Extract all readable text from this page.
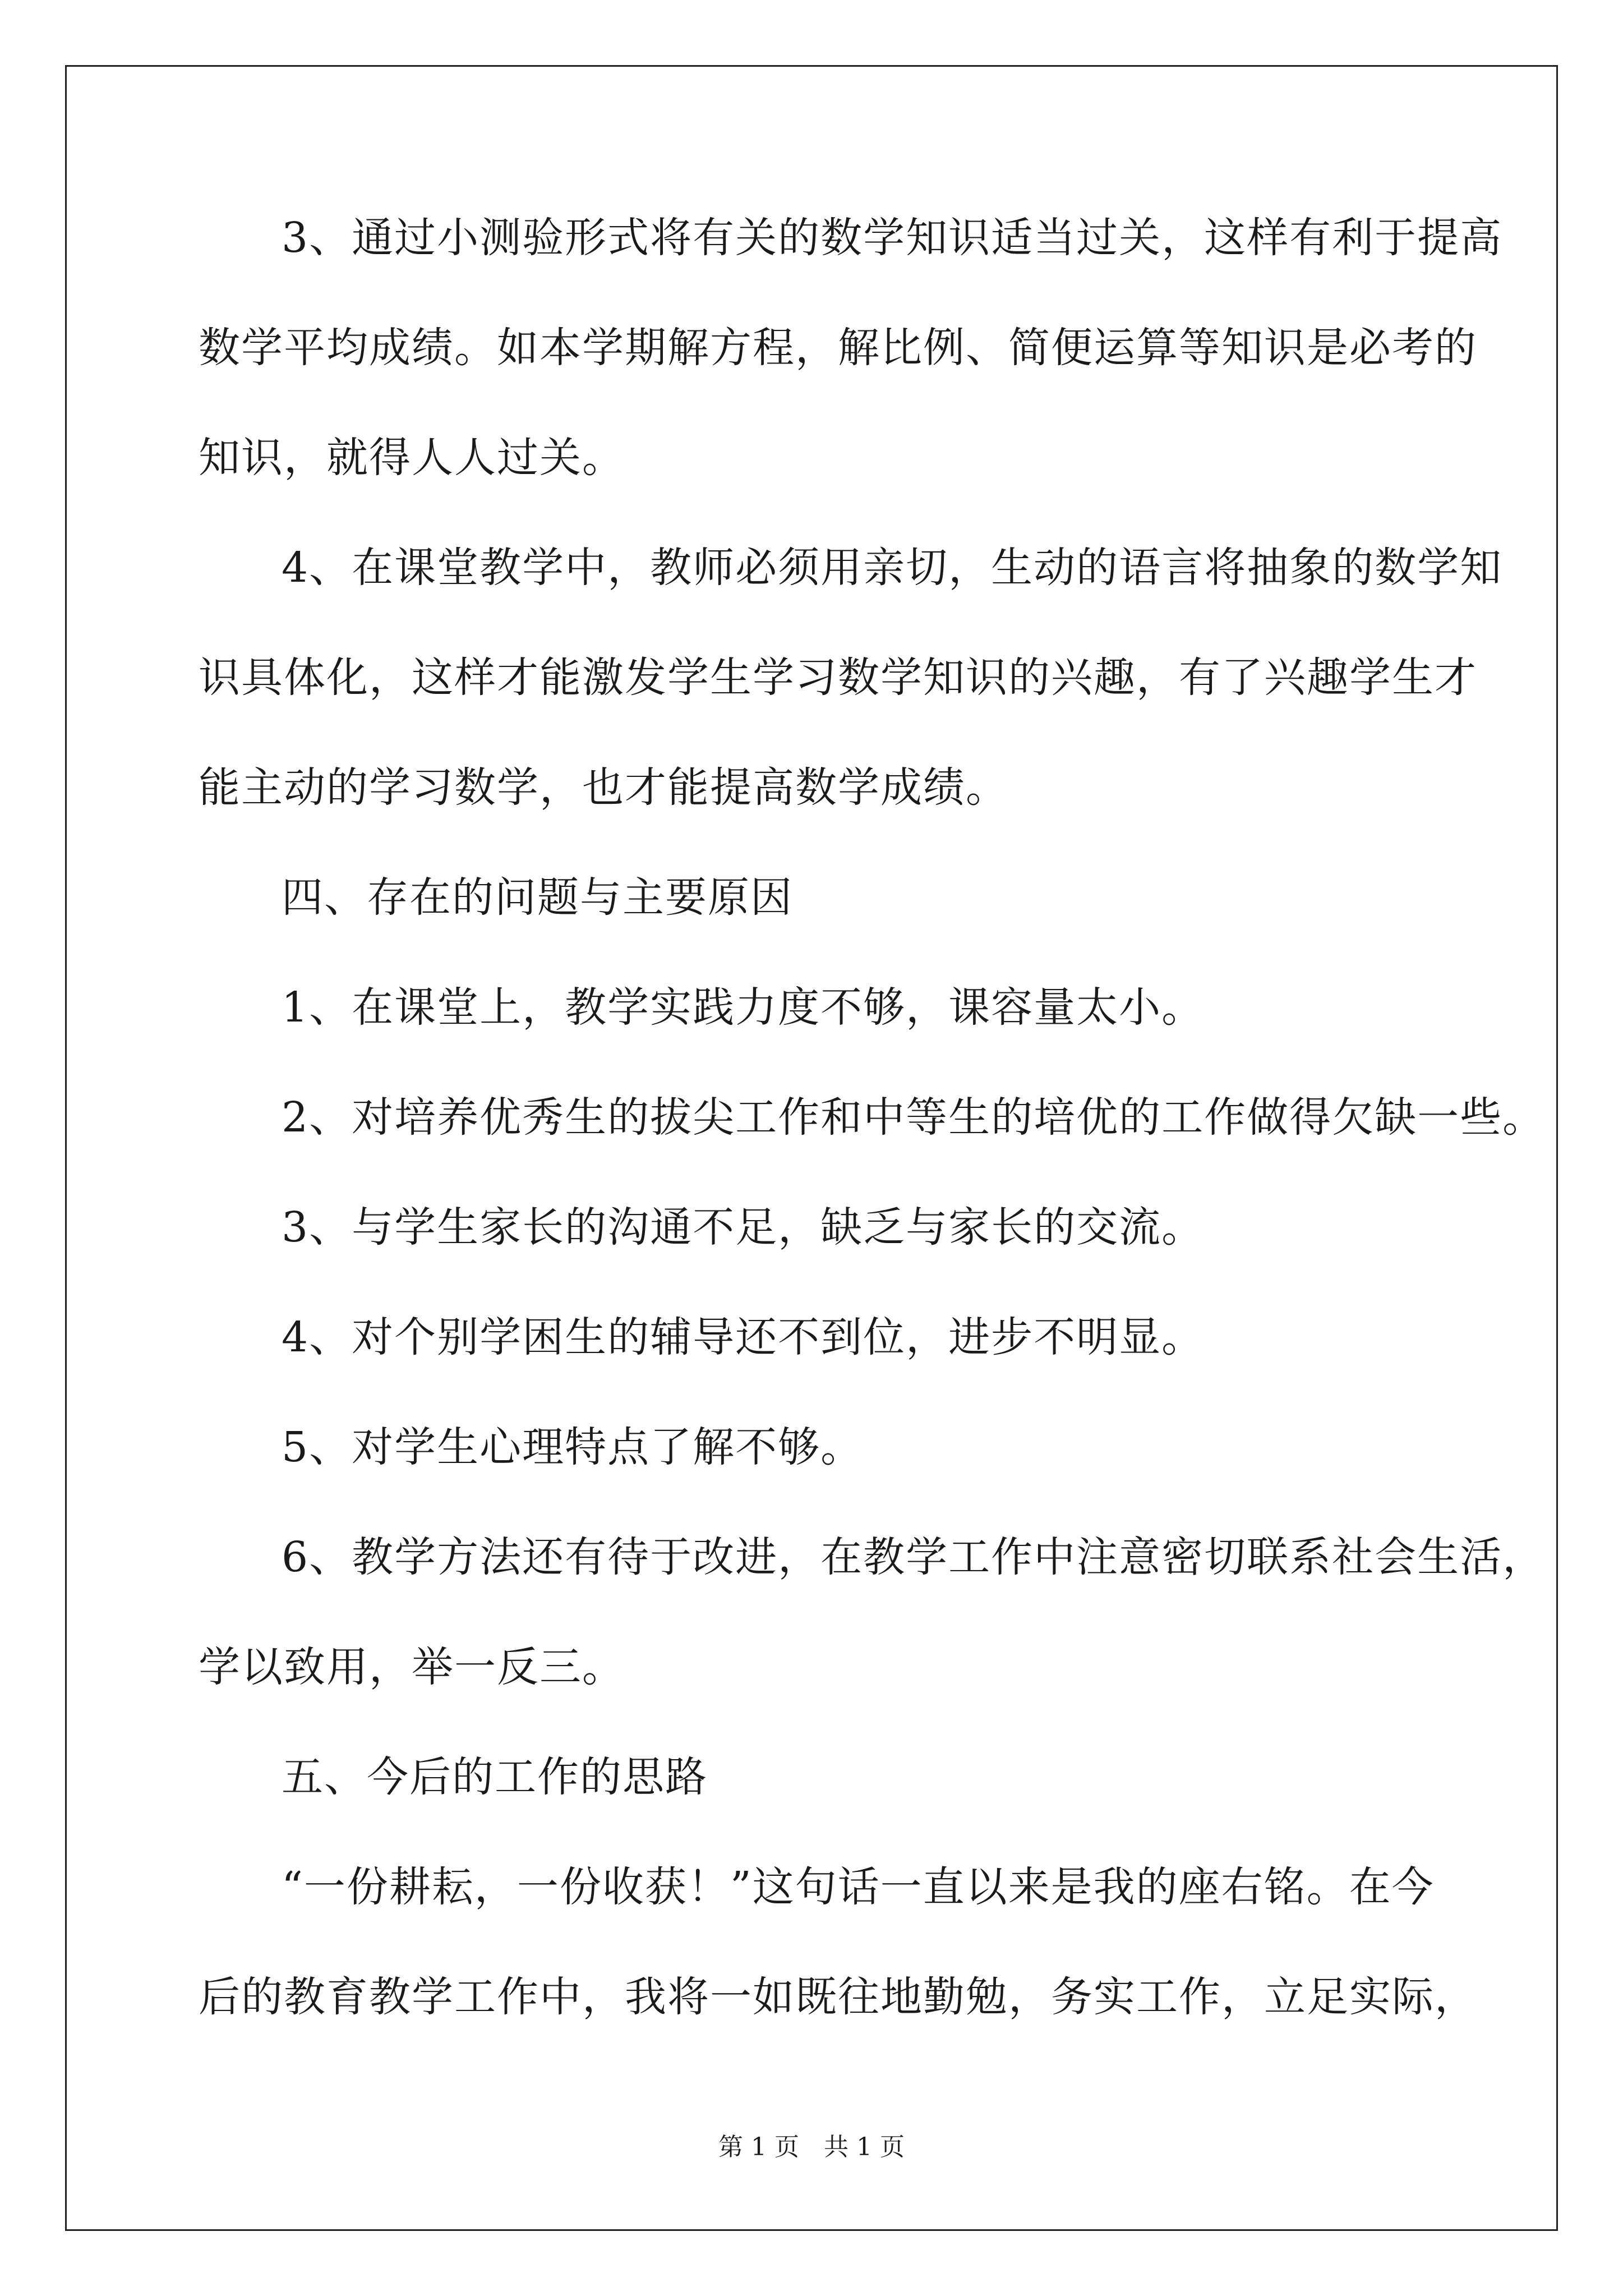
3、通过小测验形式将有关的数学知识适当过关，这样有利于提高
数学平均成绩。如本学期解方程，解比例、简便运算等知识是必考的
知识，就得人人过关。
4、在课堂教学中，教师必须用亲切，生动的语言将抽象的数学知
识具体化，这样才能激发学生学习数学知识的兴趣，有了兴趣学生才
能主动的学习数学，也才能提高数学成绩。
四、存在的问题与主要原因
1、在课堂上，教学实践力度不够，课容量太小。
2、对培养优秀生的拔尖工作和中等生的培优的工作做得欠缺一些。
3、与学生家长的沟通不足，缺乏与家长的交流。
4、对个别学困生的辅导还不到位，进步不明显。
5、对学生心理特点了解不够。
6、教学方法还有待于改进，在教学工作中注意密切联系社会生活，
学以致用，举一反三。
五、今后的工作的思路
“一份耕耘，一份收获！”这句话一直以来是我的座右铭。在今
后的教育教学工作中，我将一如既往地勤勉，务实工作，立足实际，
第 1 页　共 1 页
